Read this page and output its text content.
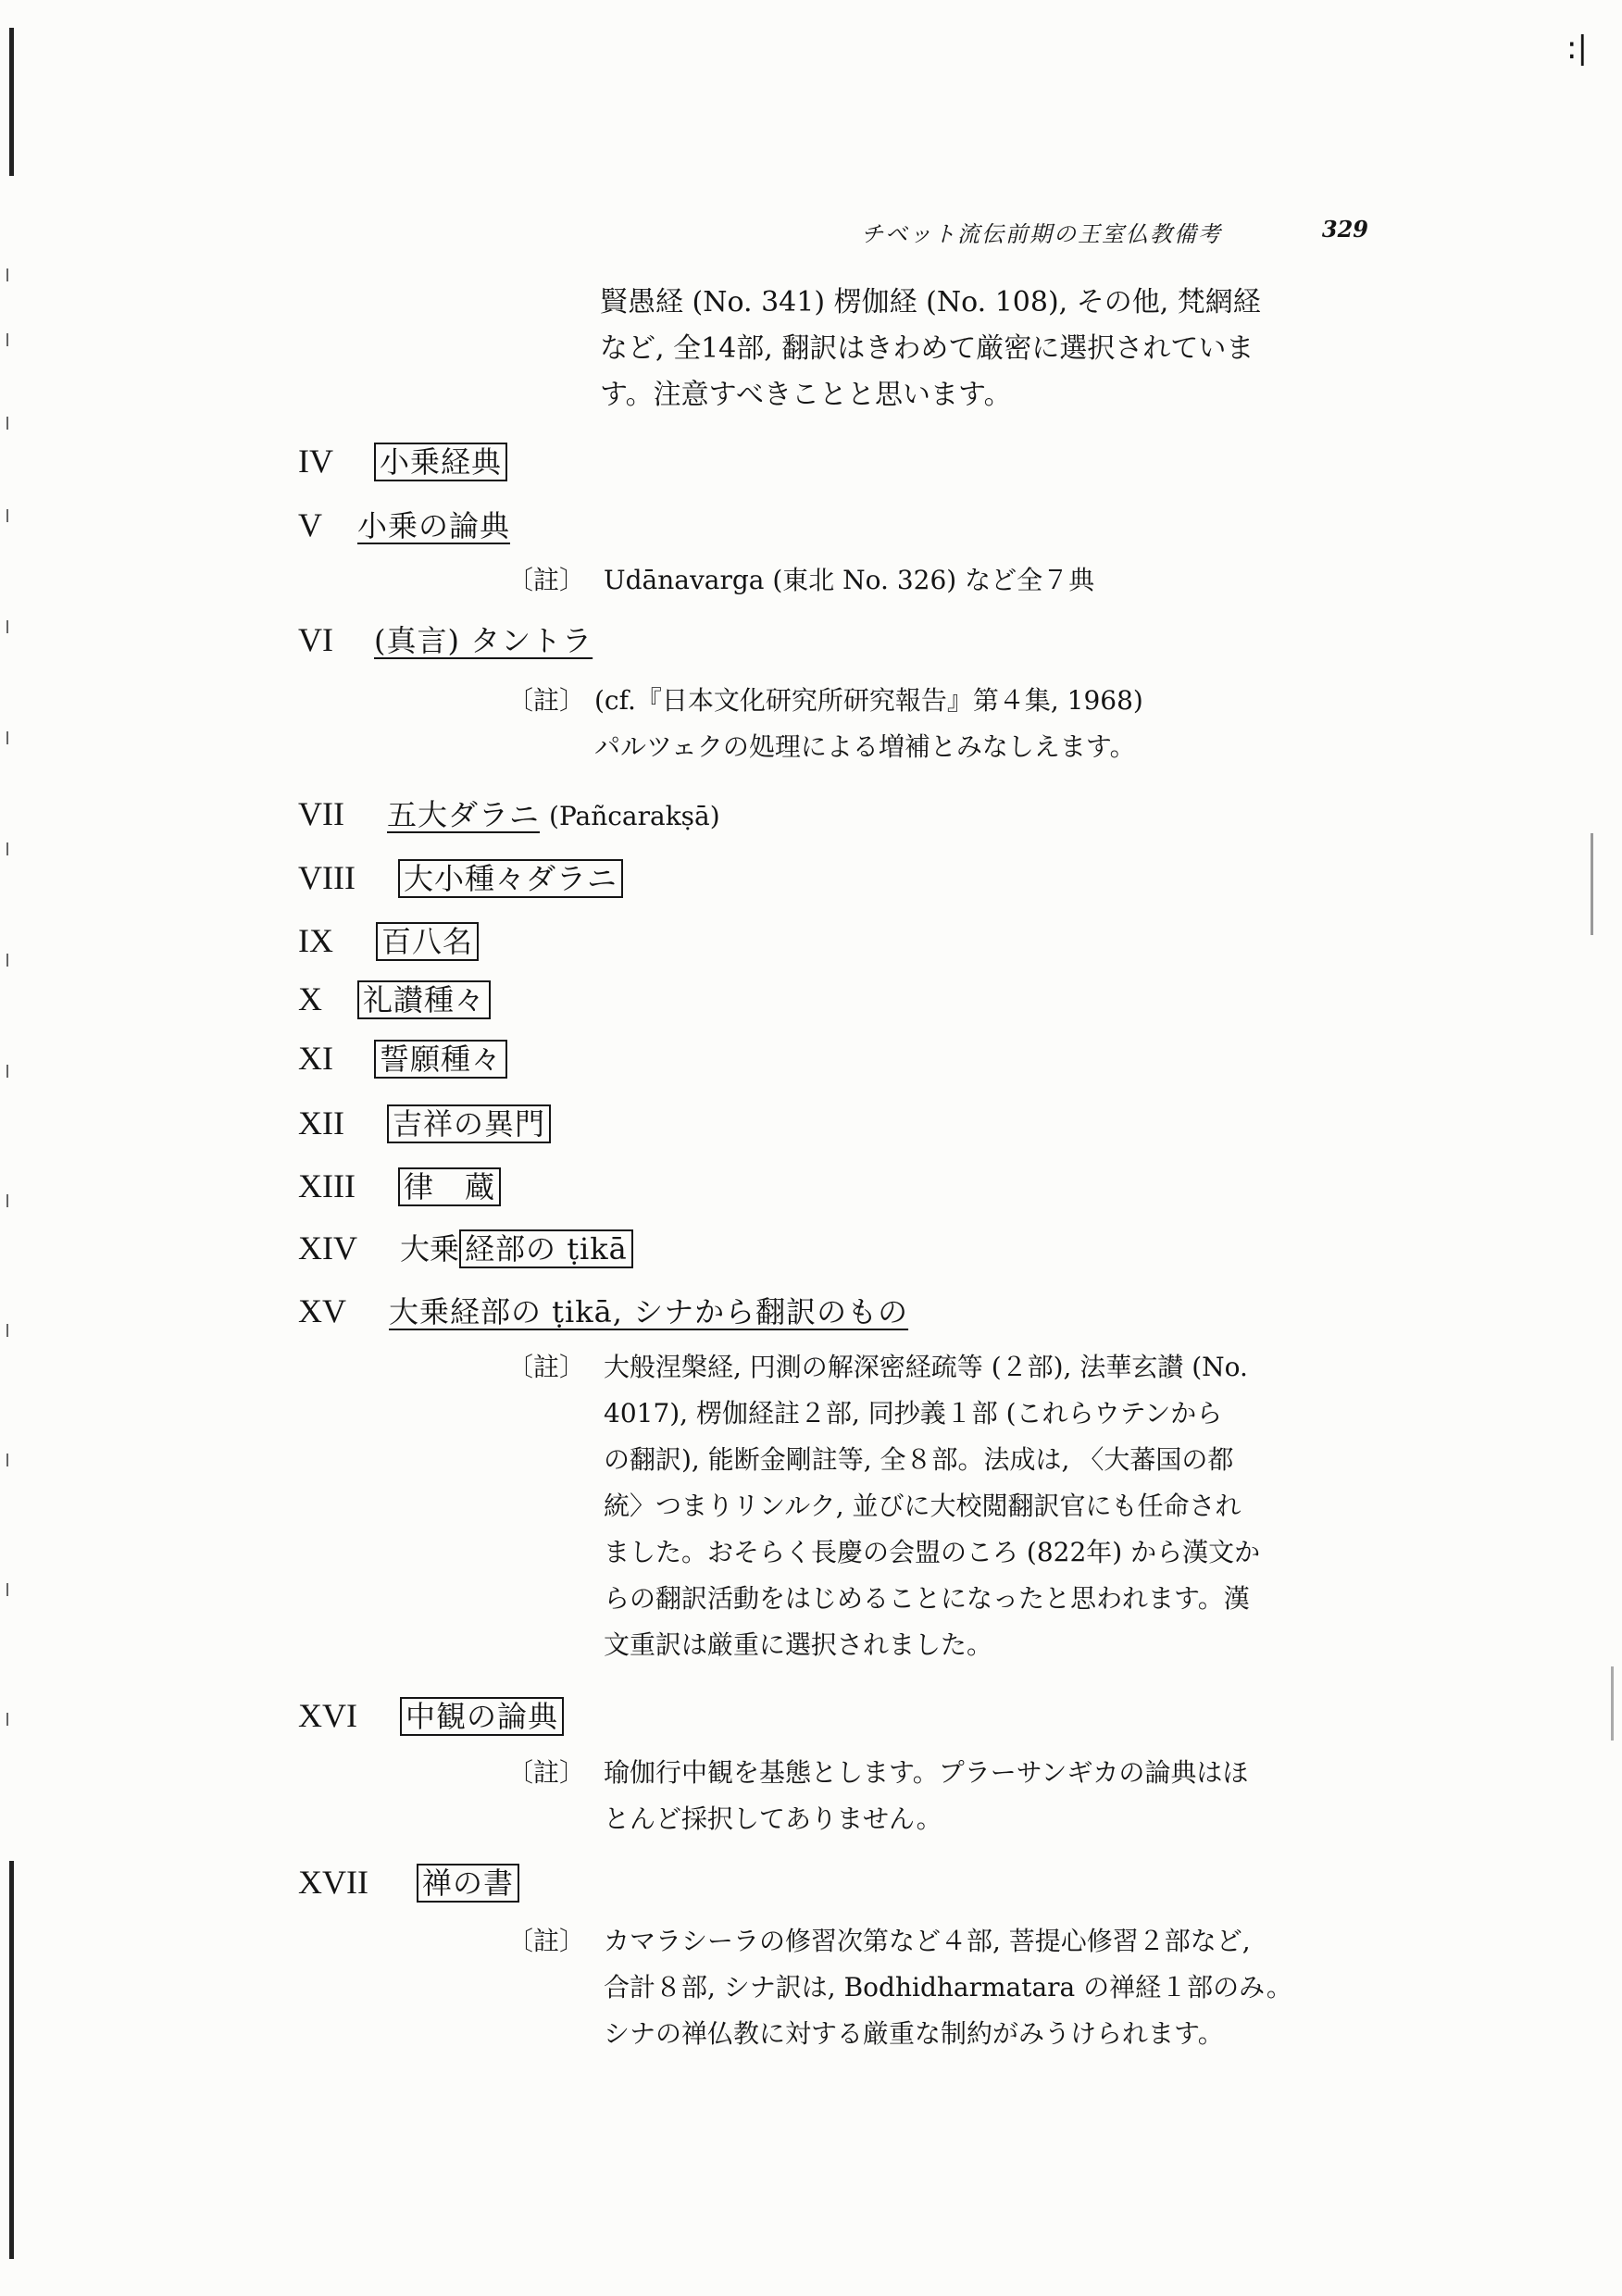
:|
チベット流伝前期の王室仏教備考	329

賢愚経 (No. 341) 楞伽経 (No. 108), その他, 梵網経

など, 全14部, 翻訳はきわめて厳密に選択されていま

す。注意すべきことと思います。

IV 小乗経典
V 小乗の論典
〔註〕 Udānavarga (東北 No. 326) など全７典

VI (真言) タントラ
〔註〕 (cf.『日本文化研究所研究報告』第４集, 1968)

パルツェクの処理による増補とみなしえます。

VII 五大ダラニ (Pañcarakṣā)
VIII 大小種々ダラニ
IX 百八名
X 礼讃種々
XI 誓願種々
XII 吉祥の異門
XIII 律　蔵
XIV 大乗 経部の ṭikā
XV 大乗経部の ṭikā, シナから翻訳のもの
〔註〕 大般涅槃経, 円測の解深密経疏等 (２部), 法華玄讃 (No.

4017), 楞伽経註２部, 同抄義１部 (これらウテンから

の翻訳), 能断金剛註等, 全８部。法成は, 〈大蕃国の都

統〉つまりリンルク, 並びに大校閲翻訳官にも任命され

ました。おそらく長慶の会盟のころ (822年) から漢文か

らの翻訳活動をはじめることになったと思われます。漢

文重訳は厳重に選択されました。

XVI 中観の論典
〔註〕 瑜伽行中観を基態とします。プラーサンギカの論典はほ

とんど採択してありません。

XVII 禅の書
〔註〕 カマラシーラの修習次第など４部, 菩提心修習２部など,

合計８部, シナ訳は, Bodhidharmatara の禅経１部のみ。

シナの禅仏教に対する厳重な制約がみうけられます。
